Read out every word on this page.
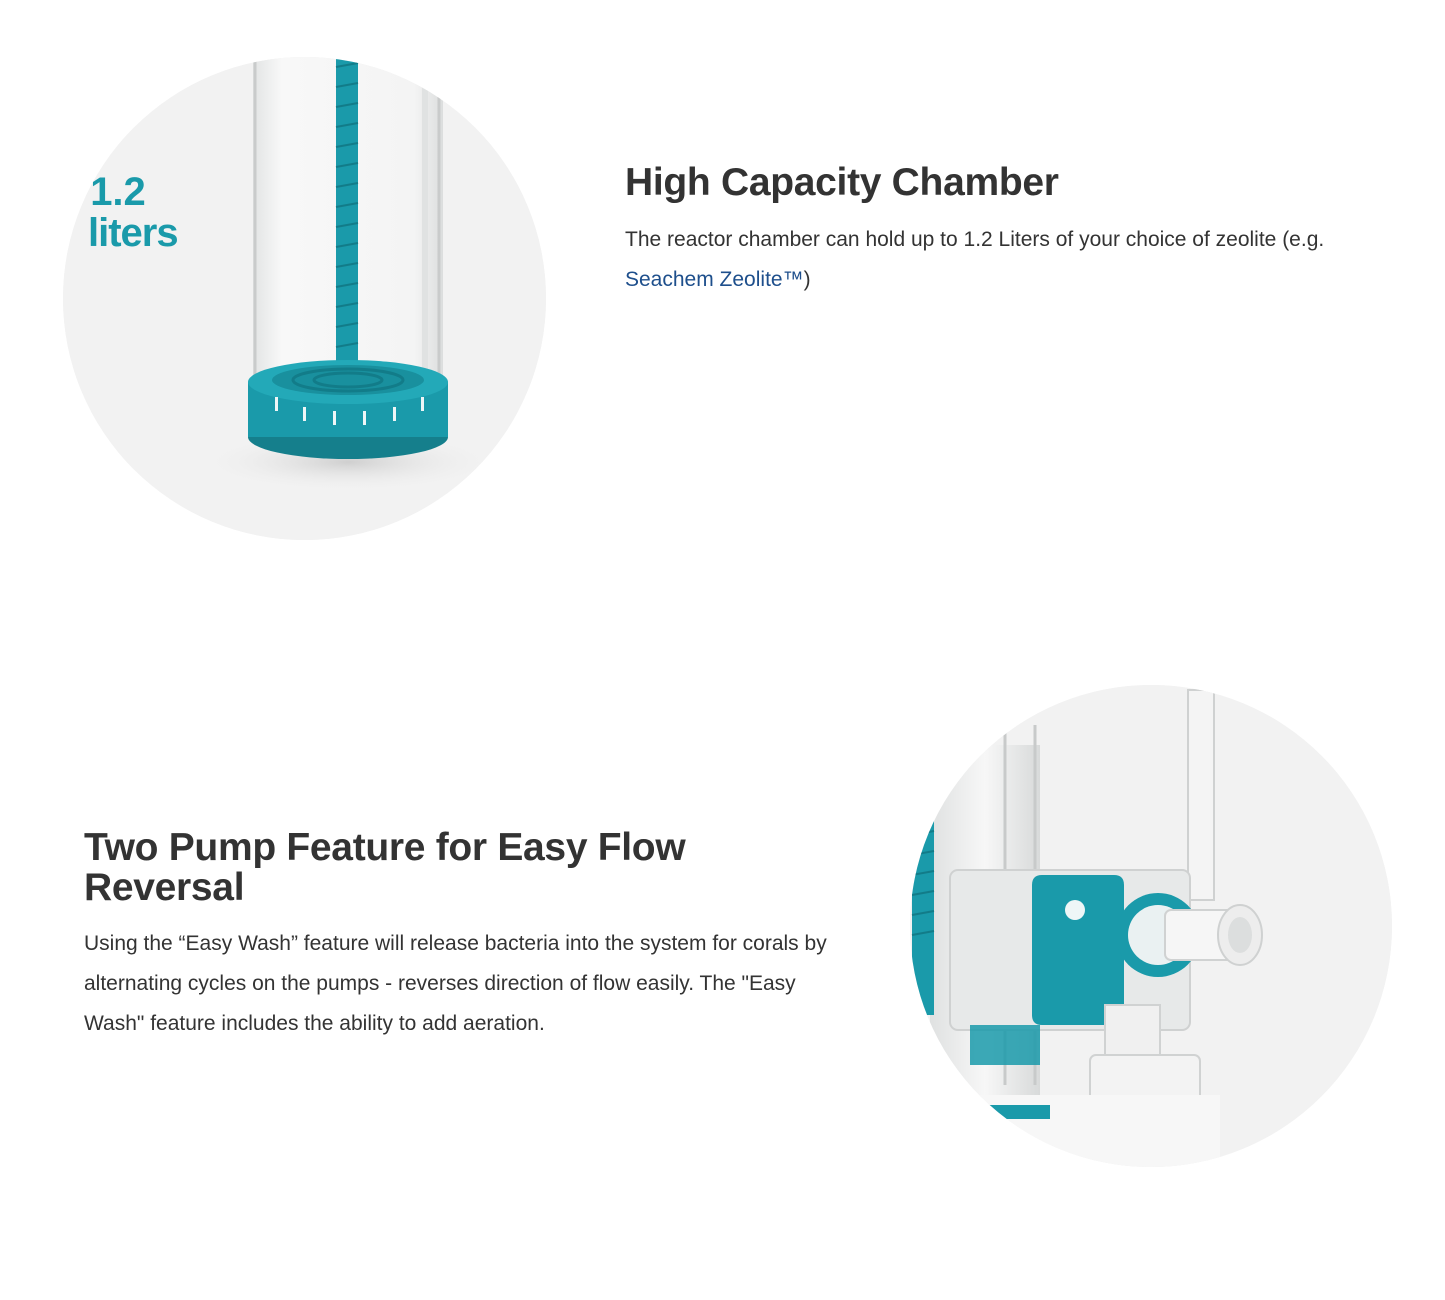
1.2
liters
High Capacity Chamber

The reactor chamber can hold up to 1.2 Liters of your choice of zeolite (e.g. Seachem Zeolite™)

Two Pump Feature for Easy Flow Reversal

Using the “Easy Wash” feature will release bacteria into the system for corals by alternating cycles on the pumps - reverses direction of flow easily. The "Easy Wash" feature includes the ability to add aeration.
